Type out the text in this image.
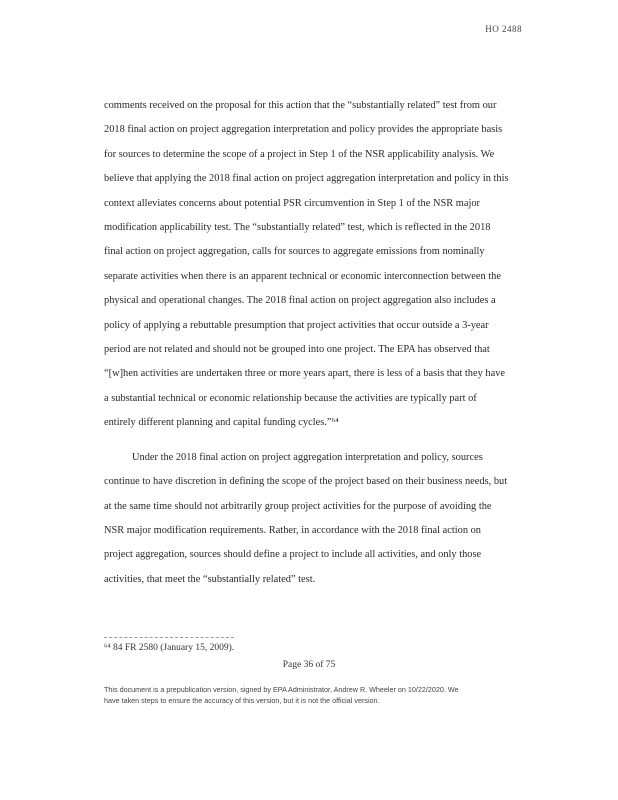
HO 2488
comments received on the proposal for this action that the “substantially related” test from our
2018 final action on project aggregation interpretation and policy provides the appropriate basis
for sources to determine the scope of a project in Step 1 of the NSR applicability analysis. We
believe that applying the 2018 final action on project aggregation interpretation and policy in this
context alleviates concerns about potential PSR circumvention in Step 1 of the NSR major
modification applicability test. The “substantially related” test, which is reflected in the 2018
final action on project aggregation, calls for sources to aggregate emissions from nominally
separate activities when there is an apparent technical or economic interconnection between the
physical and operational changes. The 2018 final action on project aggregation also includes a
policy of applying a rebuttable presumption that project activities that occur outside a 3-year
period are not related and should not be grouped into one project. The EPA has observed that
“[w]hen activities are undertaken three or more years apart, there is less of a basis that they have
a substantial technical or economic relationship because the activities are typically part of
entirely different planning and capital funding cycles.”⁶⁴
Under the 2018 final action on project aggregation interpretation and policy, sources
continue to have discretion in defining the scope of the project based on their business needs, but
at the same time should not arbitrarily group project activities for the purpose of avoiding the
NSR major modification requirements. Rather, in accordance with the 2018 final action on
project aggregation, sources should define a project to include all activities, and only those
activities, that meet the “substantially related” test.
⁶⁴ 84 FR 2580 (January 15, 2009).
Page 36 of 75
This document is a prepublication version, signed by EPA Administrator, Andrew R. Wheeler on 10/22/2020. We
have taken steps to ensure the accuracy of this version, but it is not the official version.
